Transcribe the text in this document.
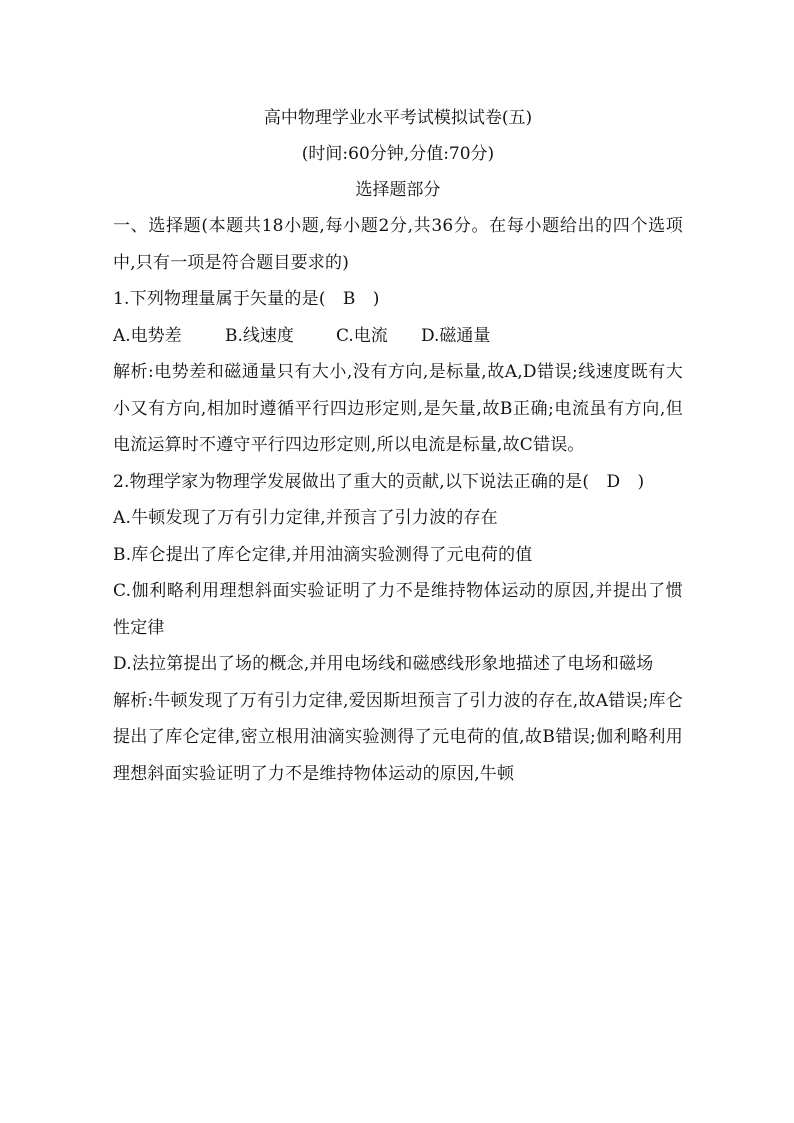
高中物理学业水平考试模拟试卷(五)
(时间:60分钟,分值:70分)
选择题部分

一、选择题(本题共18小题,每小题2分,共36分。在每小题给出的四个选项中,只有一项是符合题目要求的)

1.下列物理量属于矢量的是(　B　)

A.电势差	B.线速度	C.电流	D.磁通量

解析:电势差和磁通量只有大小,没有方向,是标量,故A,D错误;线速度既有大小又有方向,相加时遵循平行四边形定则,是矢量,故B正确;电流虽有方向,但电流运算时不遵守平行四边形定则,所以电流是标量,故C错误。

2.物理学家为物理学发展做出了重大的贡献,以下说法正确的是(　D　)

A.牛顿发现了万有引力定律,并预言了引力波的存在

B.库仑提出了库仑定律,并用油滴实验测得了元电荷的值

C.伽利略利用理想斜面实验证明了力不是维持物体运动的原因,并提出了惯性定律

D.法拉第提出了场的概念,并用电场线和磁感线形象地描述了电场和磁场

解析:牛顿发现了万有引力定律,爱因斯坦预言了引力波的存在,故A错误;库仑提出了库仑定律,密立根用油滴实验测得了元电荷的值,故B错误;伽利略利用理想斜面实验证明了力不是维持物体运动的原因,牛顿
